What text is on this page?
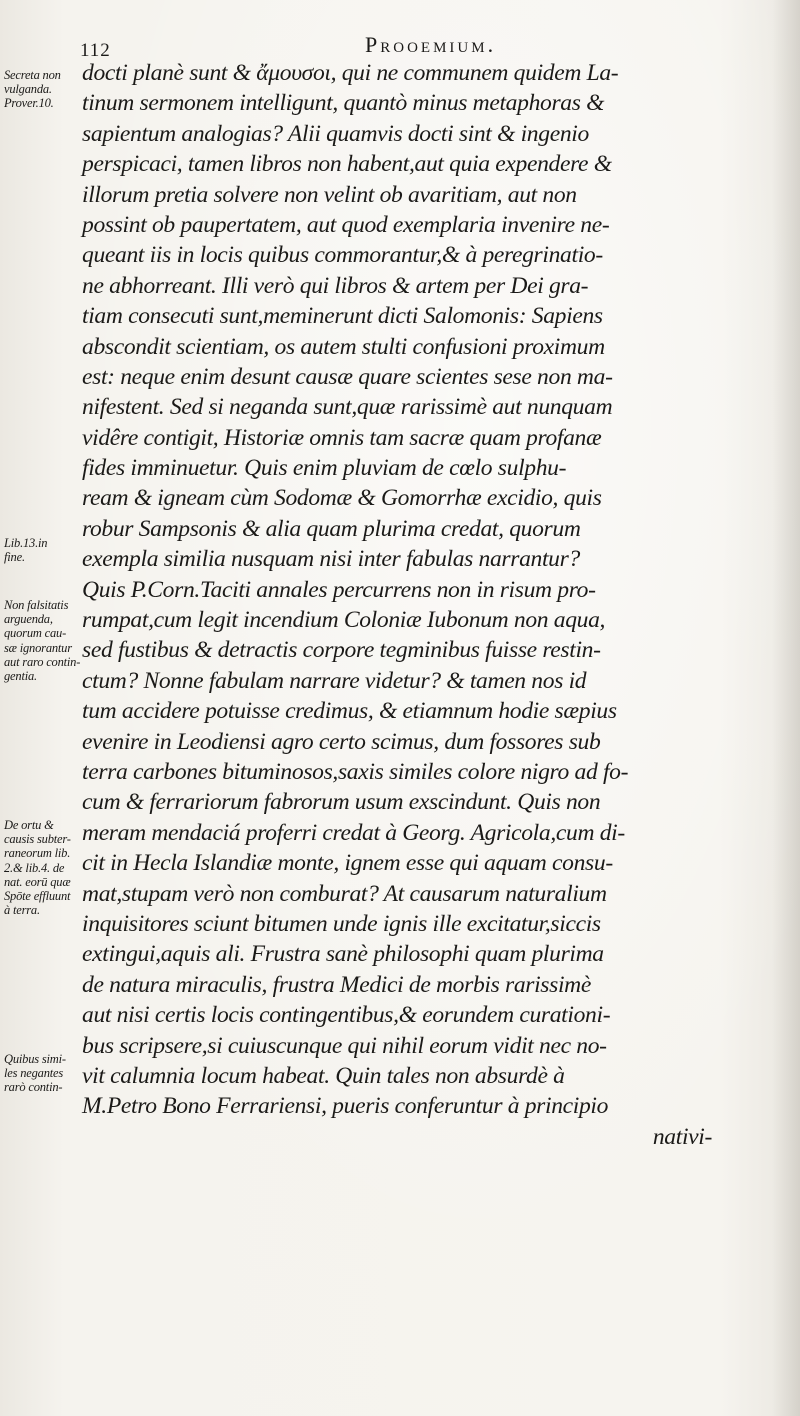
112	Prooemium.
Secreta non
vulganda.
Prover.10.
Lib.13.in
fine.
Non falsitatis
arguenda,
quorum cau-
sæ ignorantur
aut raro contin-
gentia.
De ortu &
causis subter-
raneorum lib.
2.& lib.4. de
nat. eorū quæ
Spōte effluunt
à terra.
Quibus simi-
les negantes
rarò contin-
docti planè sunt & ἄμουσοι, qui ne communem quidem La-
tinum sermonem intelligunt, quantò minus metaphoras &
sapientum analogias? Alii quamvis docti sint & ingenio
perspicaci, tamen libros non habent,aut quia expendere &
illorum pretia solvere non velint ob avaritiam, aut non
possint ob paupertatem, aut quod exemplaria invenire ne-
queant iis in locis quibus commorantur,& à peregrinatio-
ne abhorreant. Illi verò qui libros & artem per Dei gra-
tiam consecuti sunt,meminerunt dicti Salomonis: Sapiens
abscondit scientiam, os autem stulti confusioni proximum
est: neque enim desunt causæ quare scientes sese non ma-
nifestent. Sed si neganda sunt,quæ rarissimè aut nunquam
vidêre contigit, Historiæ omnis tam sacræ quam profanæ
fides imminuetur. Quis enim pluviam de cœlo sulphu-
ream & igneam cùm Sodomæ & Gomorrhæ excidio, quis
robur Sampsonis & alia quam plurima credat, quorum
exempla similia nusquam nisi inter fabulas narrantur?
Quis P.Corn.Taciti annales percurrens non in risum pro-
rumpat,cum legit incendium Coloniæ Iubonum non aqua,
sed fustibus & detractis corpore tegminibus fuisse restin-
ctum? Nonne fabulam narrare videtur? & tamen nos id
tum accidere potuisse credimus, & etiamnum hodie sæpius
evenire in Leodiensi agro certo scimus, dum fossores sub
terra carbones bituminosos,saxis similes colore nigro ad fo-
cum & ferrariorum fabrorum usum exscindunt. Quis non
meram mendaciá proferri credat à Georg. Agricola,cum di-
cit in Hecla Islandiæ monte, ignem esse qui aquam consu-
mat,stupam verò non comburat? At causarum naturalium
inquisitores sciunt bitumen unde ignis ille excitatur,siccis
extingui,aquis ali. Frustra sanè philosophi quam plurima
de natura miraculis, frustra Medici de morbis rarissimè
aut nisi certis locis contingentibus,& eorundem curationi-
bus scripsere,si cuiuscunque qui nihil eorum vidit nec no-
vit calumnia locum habeat. Quin tales non absurdè à
M.Petro Bono Ferrariensi, pueris conferuntur à principio
nativi-
